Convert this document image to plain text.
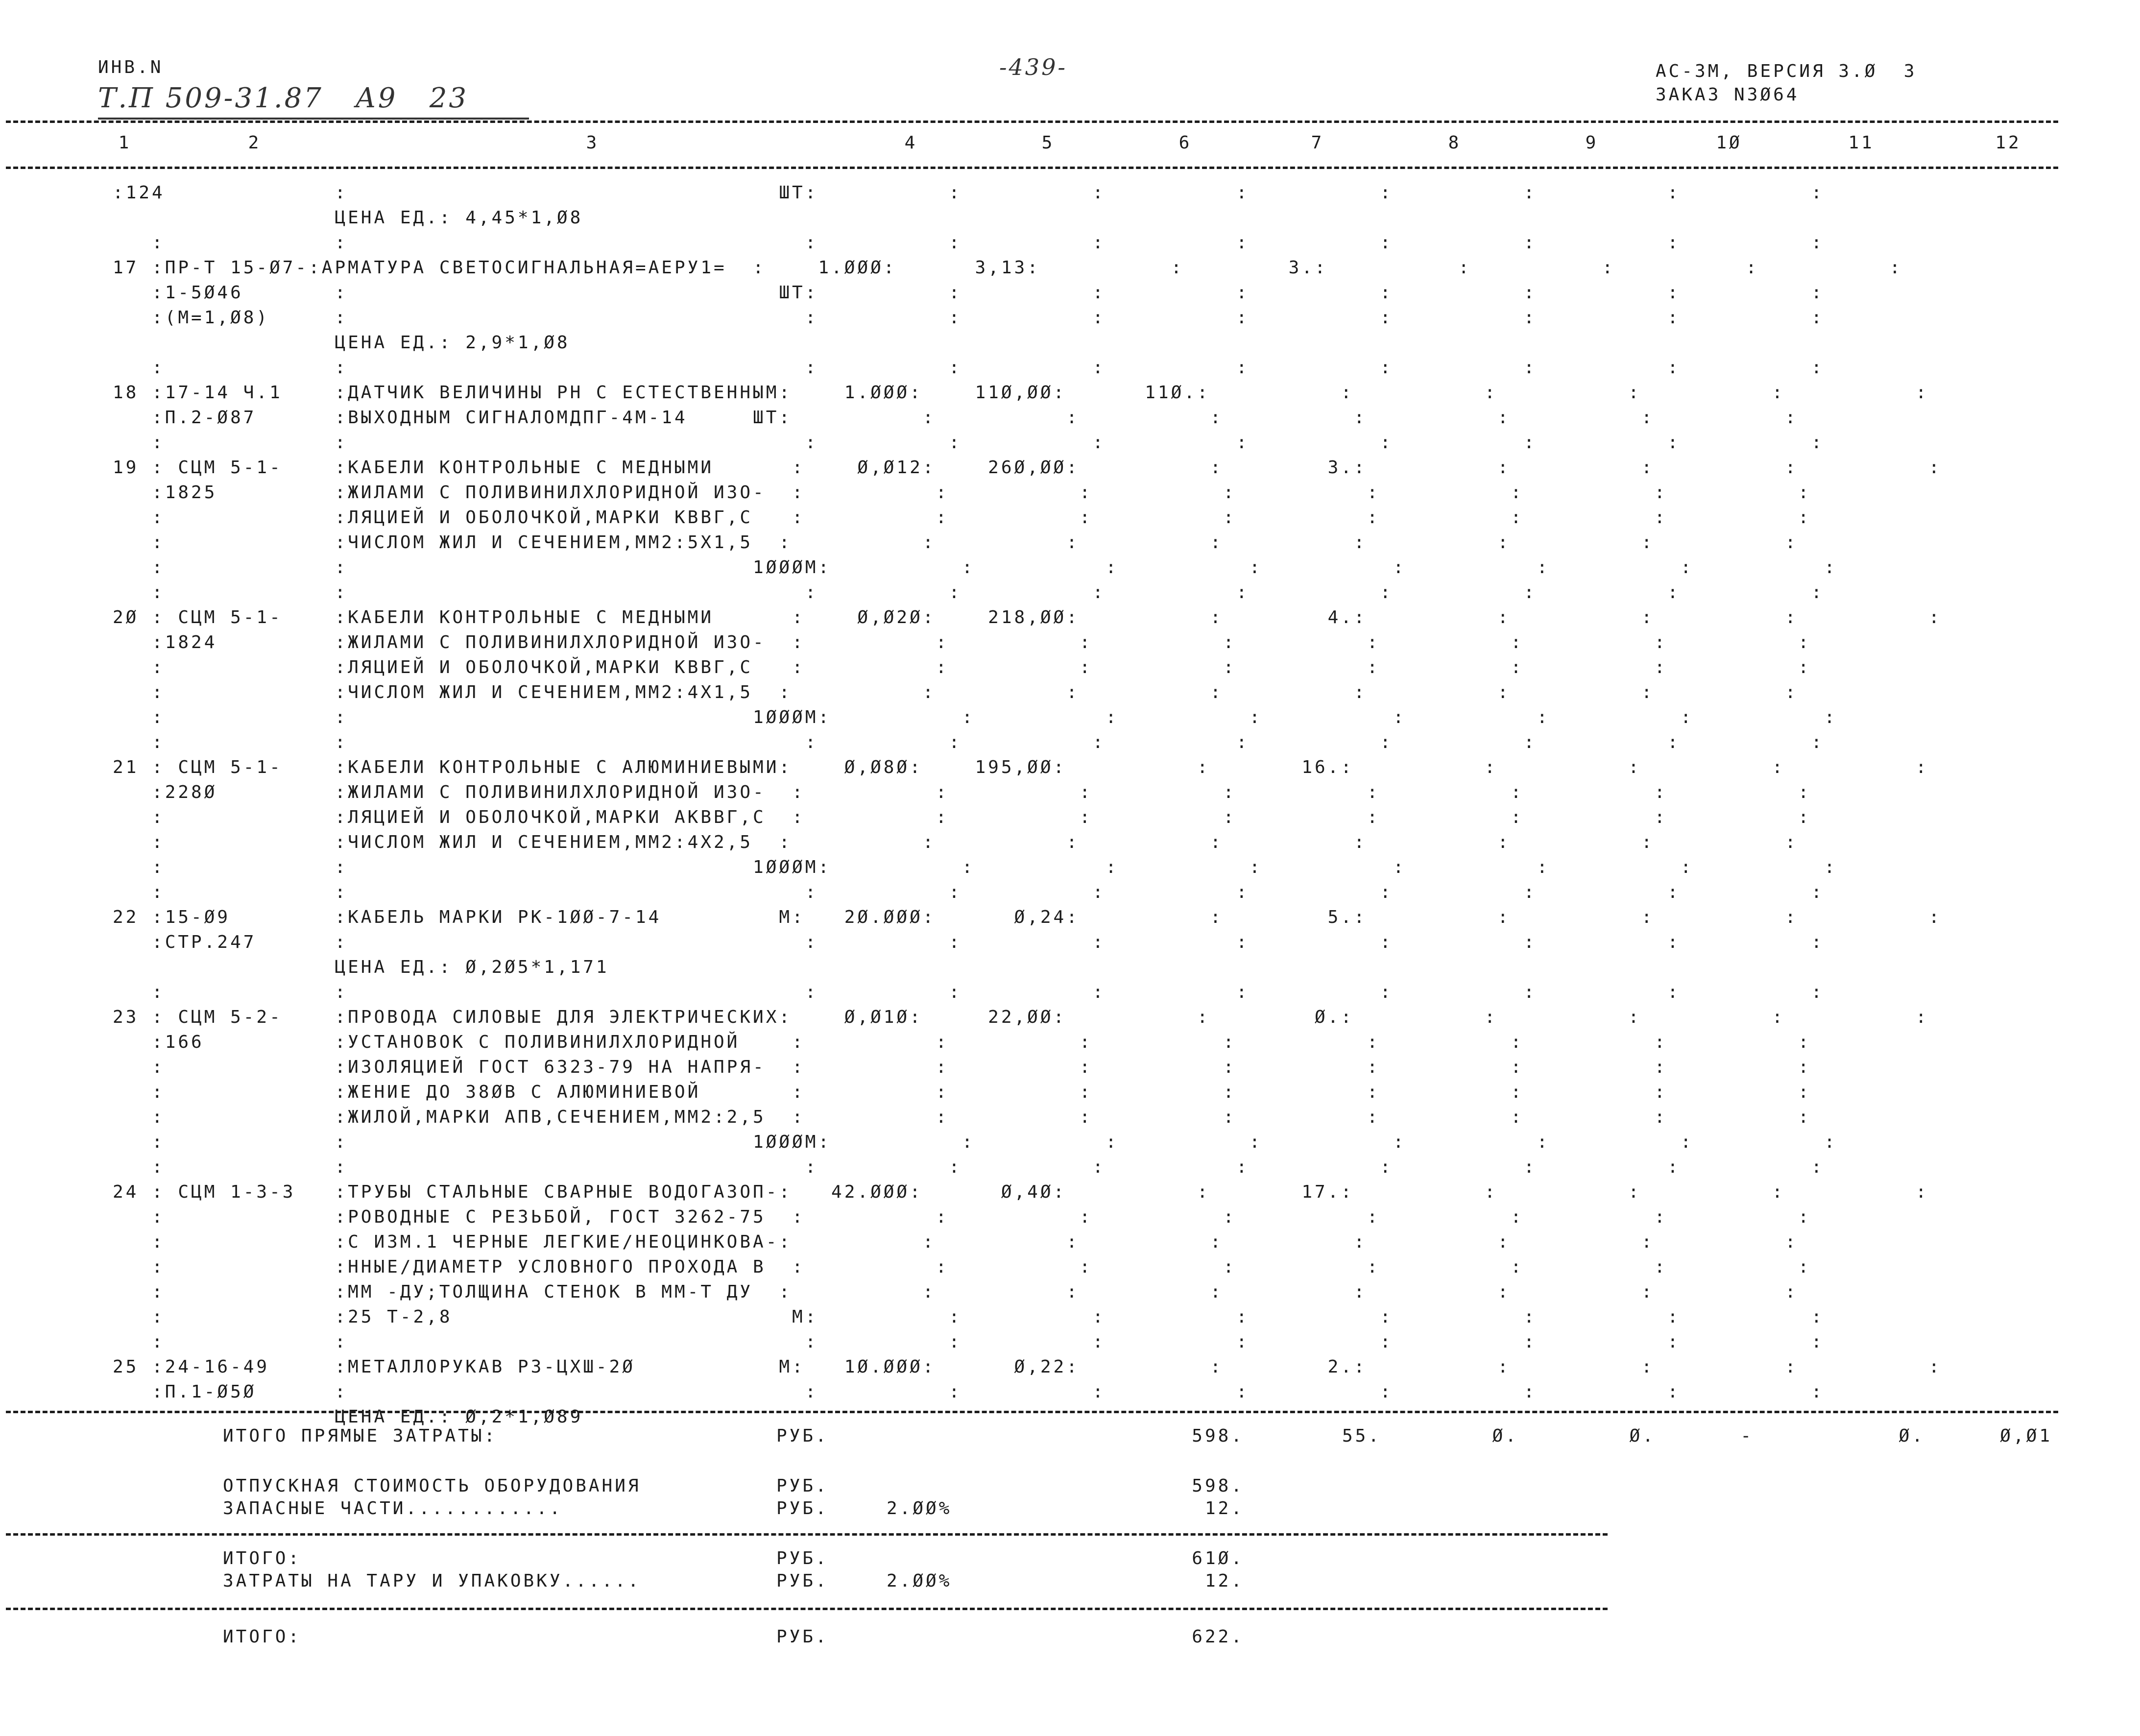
ИНВ.N
Т.П 509-31.87   А9   23
-439-	АС-3М, ВЕРСИЯ 3.Ø  3
ЗАКАЗ N3Ø64
1	2	3	4	5	6	7	8	9	1Ø	11	12
:124             :                                 ШТ:          :          :          :          :          :          :          :
ЦЕНА ЕД.: 4,45*1,Ø8
:             :                                   :          :          :          :          :          :          :          :
17 :ПР-Т 15-Ø7-:АРМАТУРА СВЕТОСИГНАЛЬНАЯ=АЕРУ1=  :    1.ØØØ:      3,13:          :        3.:          :          :          :          :
:1-5Ø46       :                                 ШТ:          :          :          :          :          :          :          :
:(М=1,Ø8)     :                                   :          :          :          :          :          :          :          :
ЦЕНА ЕД.: 2,9*1,Ø8
:             :                                   :          :          :          :          :          :          :          :
18 :17-14 Ч.1    :ДАТЧИК ВЕЛИЧИНЫ РН С ЕСТЕСТВЕННЫМ:    1.ØØØ:    11Ø,ØØ:      11Ø.:          :          :          :          :          :
:П.2-Ø87      :ВЫХОДНЫМ СИГНАЛОМДПГ-4М-14     ШТ:          :          :          :          :          :          :          :
:             :                                   :          :          :          :          :          :          :          :
19 : СЦМ 5-1-    :КАБЕЛИ КОНТРОЛЬНЫЕ С МЕДНЫМИ      :    Ø,Ø12:    26Ø,ØØ:          :        3.:          :          :          :          :
:1825         :ЖИЛАМИ С ПОЛИВИНИЛХЛОРИДНОЙ ИЗО-  :          :          :          :          :          :          :          :
:             :ЛЯЦИЕЙ И ОБОЛОЧКОЙ,МАРКИ КВВГ,С   :          :          :          :          :          :          :          :
:             :ЧИСЛОМ ЖИЛ И СЕЧЕНИЕМ,ММ2:5Х1,5  :          :          :          :          :          :          :          :
:             :                               1ØØØМ:          :          :          :          :          :          :          :
:             :                                   :          :          :          :          :          :          :          :
2Ø : СЦМ 5-1-    :КАБЕЛИ КОНТРОЛЬНЫЕ С МЕДНЫМИ      :    Ø,Ø2Ø:    218,ØØ:          :        4.:          :          :          :          :
:1824         :ЖИЛАМИ С ПОЛИВИНИЛХЛОРИДНОЙ ИЗО-  :          :          :          :          :          :          :          :
:             :ЛЯЦИЕЙ И ОБОЛОЧКОЙ,МАРКИ КВВГ,С   :          :          :          :          :          :          :          :
:             :ЧИСЛОМ ЖИЛ И СЕЧЕНИЕМ,ММ2:4Х1,5  :          :          :          :          :          :          :          :
:             :                               1ØØØМ:          :          :          :          :          :          :          :
:             :                                   :          :          :          :          :          :          :          :
21 : СЦМ 5-1-    :КАБЕЛИ КОНТРОЛЬНЫЕ С АЛЮМИНИЕВЫМИ:    Ø,Ø8Ø:    195,ØØ:          :       16.:          :          :          :          :
:228Ø         :ЖИЛАМИ С ПОЛИВИНИЛХЛОРИДНОЙ ИЗО-  :          :          :          :          :          :          :          :
:             :ЛЯЦИЕЙ И ОБОЛОЧКОЙ,МАРКИ АКВВГ,С  :          :          :          :          :          :          :          :
:             :ЧИСЛОМ ЖИЛ И СЕЧЕНИЕМ,ММ2:4Х2,5  :          :          :          :          :          :          :          :
:             :                               1ØØØМ:          :          :          :          :          :          :          :
:             :                                   :          :          :          :          :          :          :          :
22 :15-Ø9        :КАБЕЛЬ МАРКИ РК-1ØØ-7-14         М:   2Ø.ØØØ:      Ø,24:          :        5.:          :          :          :          :
:СТР.247      :                                   :          :          :          :          :          :          :          :
ЦЕНА ЕД.: Ø,2Ø5*1,171
:             :                                   :          :          :          :          :          :          :          :
23 : СЦМ 5-2-    :ПРОВОДА СИЛОВЫЕ ДЛЯ ЭЛЕКТРИЧЕСКИХ:    Ø,Ø1Ø:     22,ØØ:          :        Ø.:          :          :          :          :
:166          :УСТАНОВОК С ПОЛИВИНИЛХЛОРИДНОЙ    :          :          :          :          :          :          :          :
:             :ИЗОЛЯЦИЕЙ ГОСТ 6323-79 НА НАПРЯ-  :          :          :          :          :          :          :          :
:             :ЖЕНИЕ ДО 38ØВ С АЛЮМИНИЕВОЙ       :          :          :          :          :          :          :          :
:             :ЖИЛОЙ,МАРКИ АПВ,СЕЧЕНИЕМ,ММ2:2,5  :          :          :          :          :          :          :          :
:             :                               1ØØØМ:          :          :          :          :          :          :          :
:             :                                   :          :          :          :          :          :          :          :
24 : СЦМ 1-3-3   :ТРУБЫ СТАЛЬНЫЕ СВАРНЫЕ ВОДОГАЗОП-:   42.ØØØ:      Ø,4Ø:          :       17.:          :          :          :          :
:             :РОВОДНЫЕ С РЕЗЬБОЙ, ГОСТ 3262-75  :          :          :          :          :          :          :          :
:             :С ИЗМ.1 ЧЕРНЫЕ ЛЕГКИЕ/НЕОЦИНКОВА-:          :          :          :          :          :          :          :
:             :ННЫЕ/ДИАМЕТР УСЛОВНОГО ПРОХОДА В  :          :          :          :          :          :          :          :
:             :ММ -ДУ;ТОЛЩИНА СТЕНОК В ММ-Т ДУ  :          :          :          :          :          :          :          :
:             :25 Т-2,8                          М:          :          :          :          :          :          :          :
:             :                                   :          :          :          :          :          :          :          :
25 :24-16-49     :МЕТАЛЛОРУКАВ РЗ-ЦХШ-2Ø           М:   1Ø.ØØØ:      Ø,22:          :        2.:          :          :          :          :
:П.1-Ø5Ø      :                                   :          :          :          :          :          :          :          :
ЦЕНА ЕД.: Ø,2*1,Ø89
ИТОГО ПРЯМЫЕ ЗАТРАТЫ:	РУБ.	598.	55.	Ø.	Ø.	-	Ø.	Ø,Ø1
ОТПУСКНАЯ СТОИМОСТЬ ОБОРУДОВАНИЯ	РУБ.	598.
ЗАПАСНЫЕ ЧАСТИ............	РУБ.	2.ØØ%	12.
ИТОГО:	РУБ.	61Ø.
ЗАТРАТЫ НА ТАРУ И УПАКОВКУ......	РУБ.	2.ØØ%	12.
ИТОГО:	РУБ.	622.
